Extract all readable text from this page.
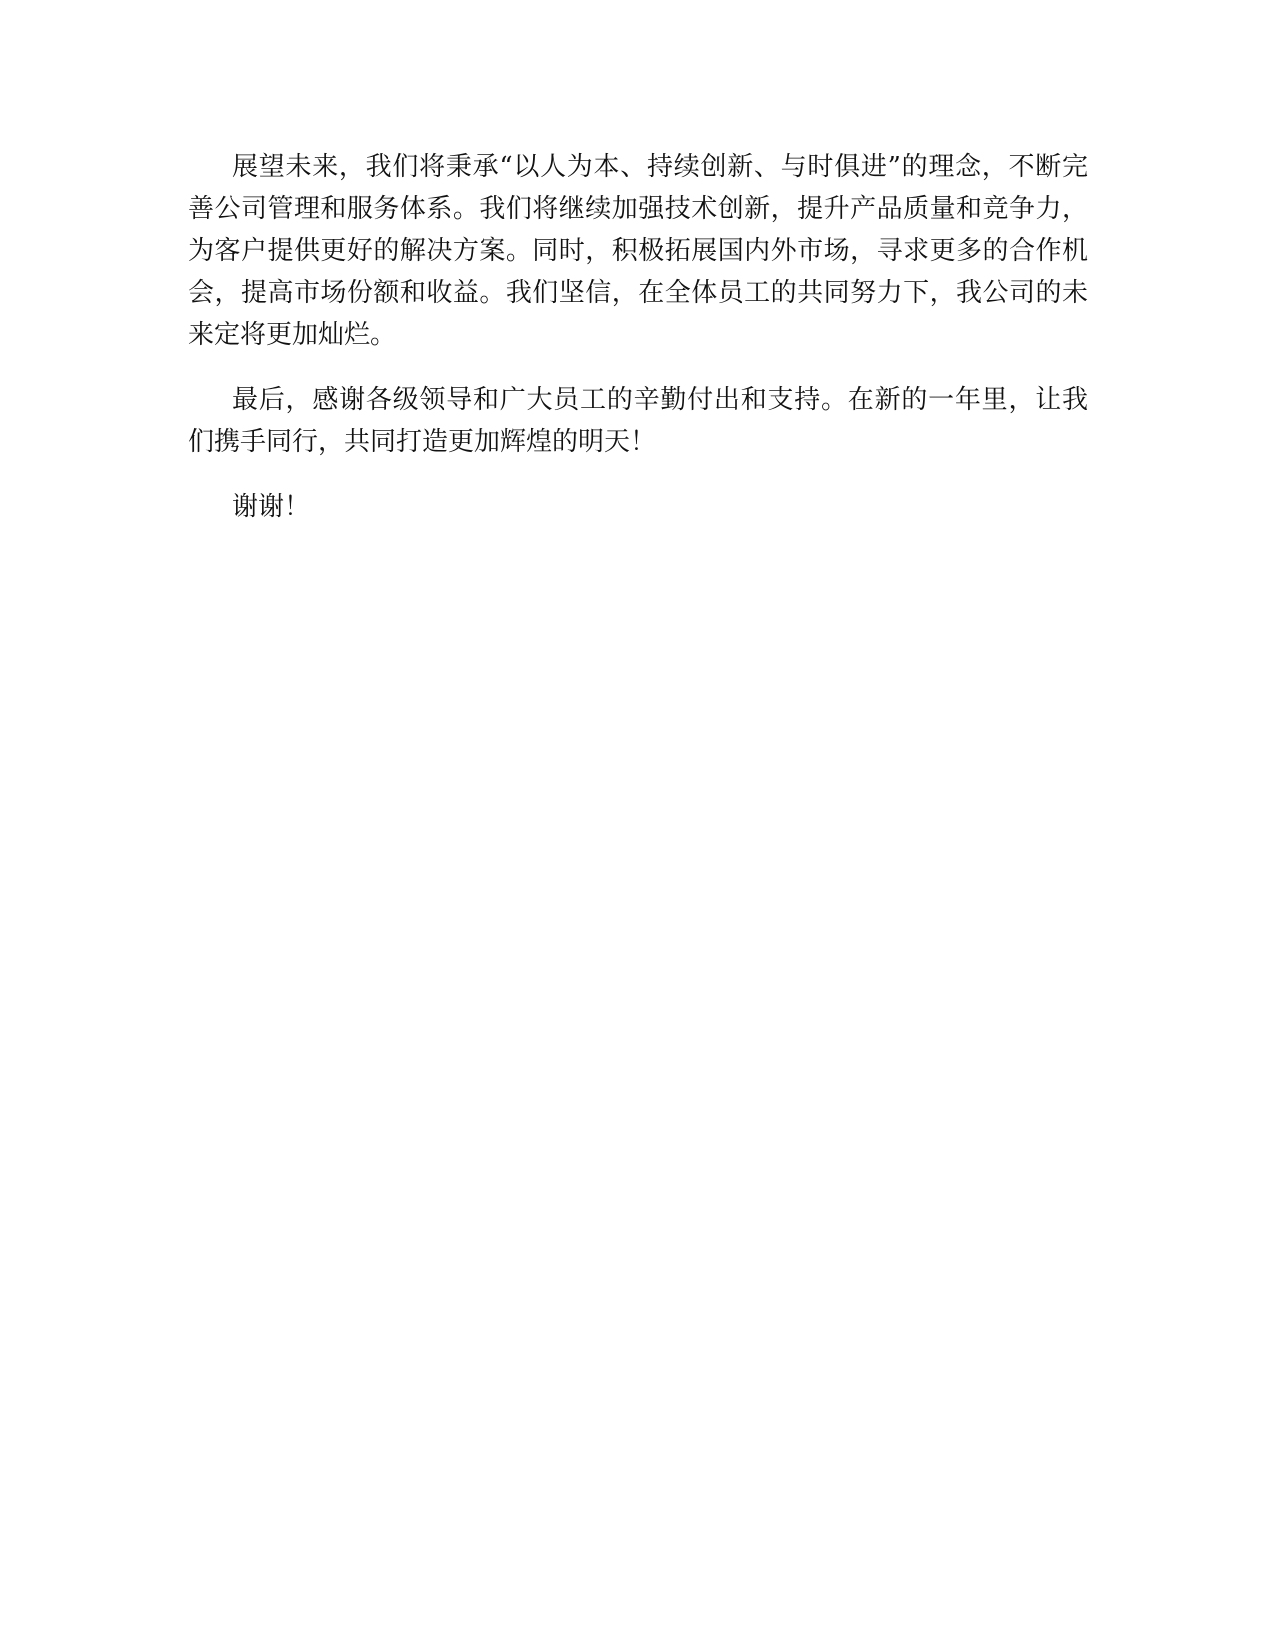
展望未来，我们将秉承“以人为本、持续创新、与时俱进”的理念，不断完善公司管理和服务体系。我们将继续加强技术创新，提升产品质量和竞争力，为客户提供更好的解决方案。同时，积极拓展国内外市场，寻求更多的合作机会，提高市场份额和收益。我们坚信，在全体员工的共同努力下，我公司的未来定将更加灿烂。

最后，感谢各级领导和广大员工的辛勤付出和支持。在新的一年里，让我们携手同行，共同打造更加辉煌的明天！

谢谢！
